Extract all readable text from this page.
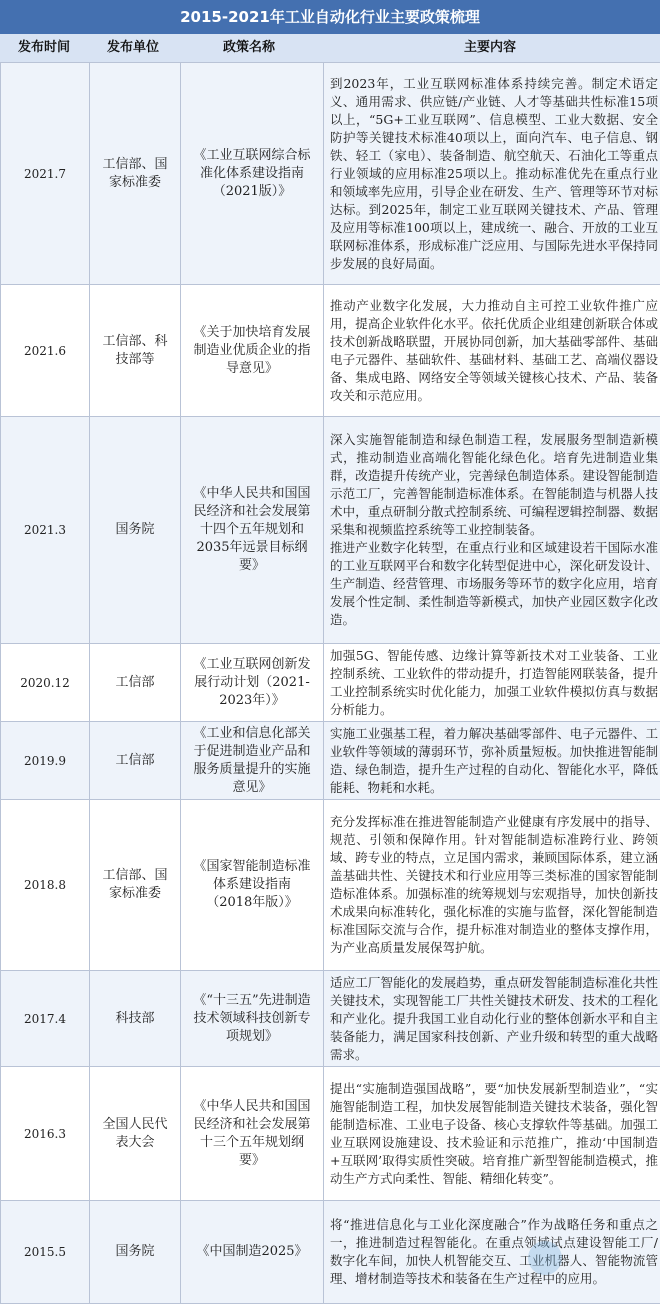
2015-2021年工业自动化行业主要政策梳理
发布时间	发布单位	政策名称	主要内容
2021.7	工信部、国家标准委	《工业互联网综合标准化体系建设指南（2021版）》	到2023年，工业互联网标准体系持续完善。制定术语定义、通用需求、供应链/产业链、人才等基础共性标准15项以上，“5G+工业互联网”、信息模型、工业大数据、安全防护等关键技术标准40项以上，面向汽车、电子信息、钢铁、轻工（家电）、装备制造、航空航天、石油化工等重点行业领域的应用标准25项以上。推动标准优先在重点行业和领域率先应用，引导企业在研发、生产、管理等环节对标达标。到2025年，制定工业互联网关键技术、产品、管理及应用等标准100项以上，建成统一、融合、开放的工业互联网标准体系，形成标准广泛应用、与国际先进水平保持同步发展的良好局面。

2021.6	工信部、科技部等	《关于加快培育发展制造业优质企业的指导意见》	推动产业数字化发展，大力推动自主可控工业软件推广应用，提高企业软件化水平。依托优质企业组建创新联合体或技术创新战略联盟，开展协同创新，加大基础零部件、基础电子元器件、基础软件、基础材料、基础工艺、高端仪器设备、集成电路、网络安全等领域关键核心技术、产品、装备攻关和示范应用。

2021.3	国务院	《中华人民共和国国民经济和社会发展第十四个五年规划和2035年远景目标纲要》	深入实施智能制造和绿色制造工程，发展服务型制造新模式，推动制造业高端化智能化绿色化。培育先进制造业集群，改造提升传统产业，完善绿色制造体系。建设智能制造示范工厂，完善智能制造标准体系。在智能制造与机器人技术中，重点研制分散式控制系统、可编程逻辑控制器、数据采集和视频监控系统等工业控制装备。
推进产业数字化转型，在重点行业和区域建设若干国际水准的工业互联网平台和数字化转型促进中心，深化研发设计、生产制造、经营管理、市场服务等环节的数字化应用，培育发展个性定制、柔性制造等新模式，加快产业园区数字化改造。

2020.12	工信部	《工业互联网创新发展行动计划（2021-2023年）》	加强5G、智能传感、边缘计算等新技术对工业装备、工业控制系统、工业软件的带动提升，打造智能网联装备，提升工业控制系统实时优化能力，加强工业软件模拟仿真与数据分析能力。

2019.9	工信部	《工业和信息化部关于促进制造业产品和服务质量提升的实施意见》	实施工业强基工程，着力解决基础零部件、电子元器件、工业软件等领域的薄弱环节，弥补质量短板。加快推进智能制造、绿色制造，提升生产过程的自动化、智能化水平，降低能耗、物耗和水耗。

2018.8	工信部、国家标准委	《国家智能制造标准体系建设指南（2018年版）》	充分发挥标准在推进智能制造产业健康有序发展中的指导、规范、引领和保障作用。针对智能制造标准跨行业、跨领域、跨专业的特点，立足国内需求，兼顾国际体系，建立涵盖基础共性、关键技术和行业应用等三类标准的国家智能制造标准体系。加强标准的统筹规划与宏观指导，加快创新技术成果向标准转化，强化标准的实施与监督，深化智能制造标准国际交流与合作，提升标准对制造业的整体支撑作用，为产业高质量发展保驾护航。

2017.4	科技部	《“十三五”先进制造技术领域科技创新专项规划》	适应工厂智能化的发展趋势，重点研发智能制造标准化共性关键技术，实现智能工厂共性关键技术研发、技术的工程化和产业化。提升我国工业自动化行业的整体创新水平和自主装备能力，满足国家科技创新、产业升级和转型的重大战略需求。

2016.3	全国人民代表大会	《中华人民共和国国民经济和社会发展第十三个五年规划纲要》	提出“实施制造强国战略”，要“加快发展新型制造业”，“实施智能制造工程，加快发展智能制造关键技术装备，强化智能制造标准、工业电子设备、核心支撑软件等基础。加强工业互联网设施建设、技术验证和示范推广，推动‘中国制造+互联网’取得实质性突破。培育推广新型智能制造模式，推动生产方式向柔性、智能、精细化转变”。

2015.5	国务院	《中国制造2025》	将“推进信息化与工业化深度融合”作为战略任务和重点之一，推进制造过程智能化。在重点领域试点建设智能工厂/数字化车间，加快人机智能交互、工业机器人、智能物流管理、增材制造等技术和装备在生产过程中的应用。
